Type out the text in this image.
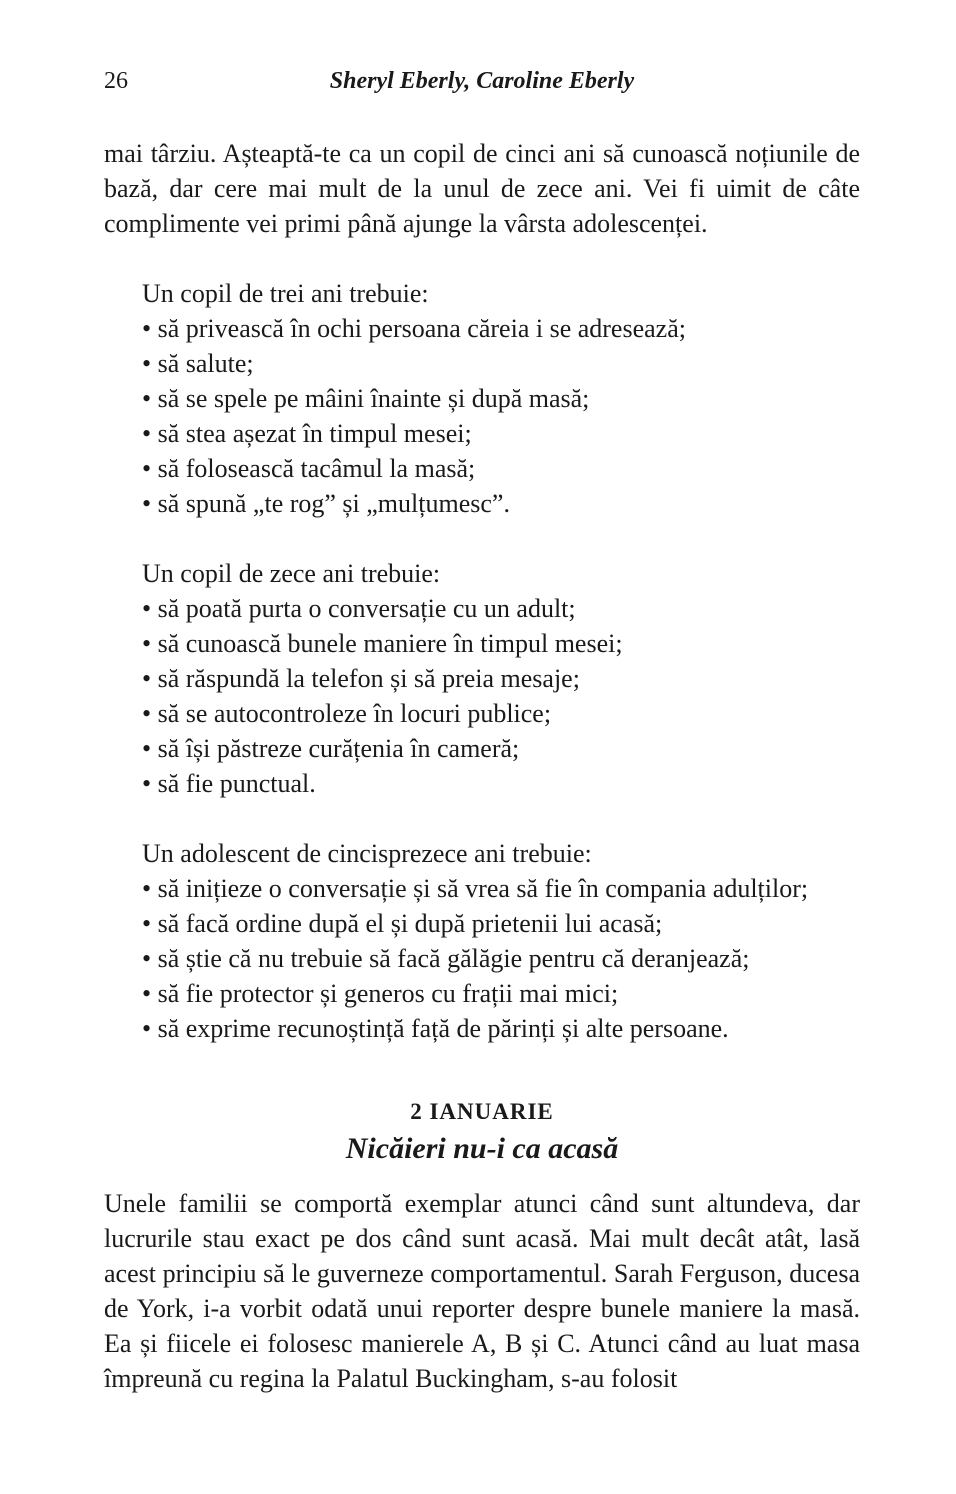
26	Sheryl Eberly, Caroline Eberly

mai târziu. Așteaptă-te ca un copil de cinci ani să cunoască noțiunile de bază, dar cere mai mult de la unul de zece ani. Vei fi uimit de câte complimente vei primi până ajunge la vârsta adolescenței.

Un copil de trei ani trebuie:

• să privească în ochi persoana căreia i se adresează;
• să salute;
• să se spele pe mâini înainte și după masă;
• să stea așezat în timpul mesei;
• să folosească tacâmul la masă;
• să spună „te rog” și „mulțumesc”.

Un copil de zece ani trebuie:

• să poată purta o conversație cu un adult;
• să cunoască bunele maniere în timpul mesei;
• să răspundă la telefon și să preia mesaje;
• să se autocontroleze în locuri publice;
• să își păstreze curățenia în cameră;
• să fie punctual.

Un adolescent de cincisprezece ani trebuie:

• să inițieze o conversație și să vrea să fie în compania adulților;
• să facă ordine după el și după prietenii lui acasă;
• să știe că nu trebuie să facă gălăgie pentru că deranjează;
• să fie protector și generos cu frații mai mici;
• să exprime recunoștință față de părinți și alte persoane.
2 IANUARIE
Nicăieri nu-i ca acasă

Unele familii se comportă exemplar atunci când sunt altundeva, dar lucrurile stau exact pe dos când sunt acasă. Mai mult decât atât, lasă acest principiu să le guverneze comportamentul. Sarah Ferguson, ducesa de York, i-a vorbit odată unui reporter despre bunele maniere la masă. Ea și fiicele ei folosesc manierele A, B și C. Atunci când au luat masa împreună cu regina la Palatul Buckingham, s-au folosit
